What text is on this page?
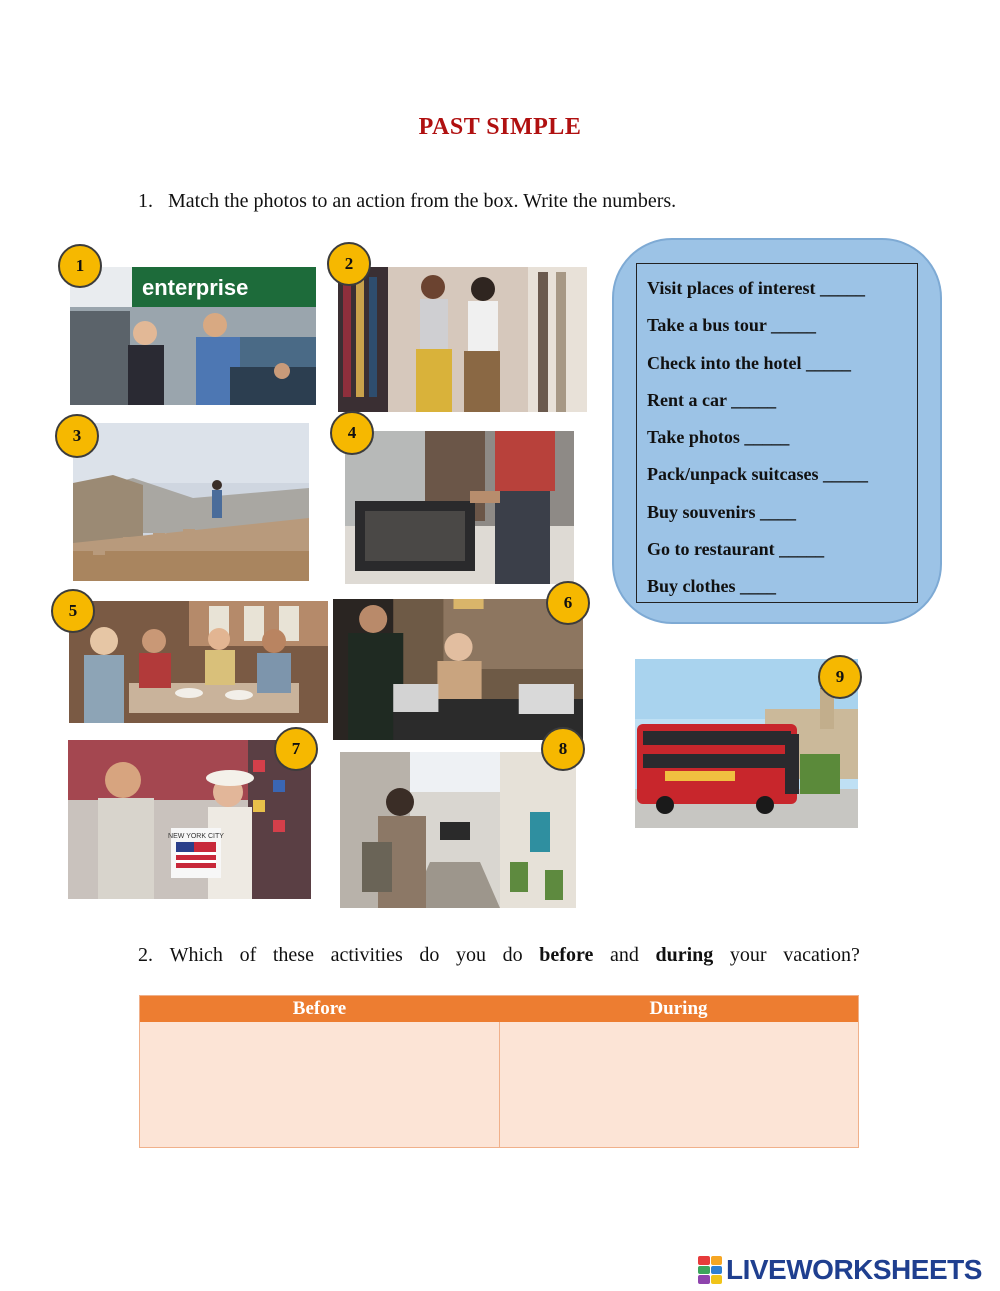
PAST SIMPLE
1. Match the photos to an action from the box. Write the numbers.
enterprise
1	2
3	4
5	6
NEW YORK CITY
7	8
9
Visit places of interest _____
Take a bus tour _____
Check into the hotel _____
Rent a car _____
Take photos _____
Pack/unpack suitcases _____
Buy souvenirs ____
Go to restaurant _____
Buy clothes ____
2. Which of these activities do you do before and during your vacation?
Before	During
LIVEWORKSHEETS
